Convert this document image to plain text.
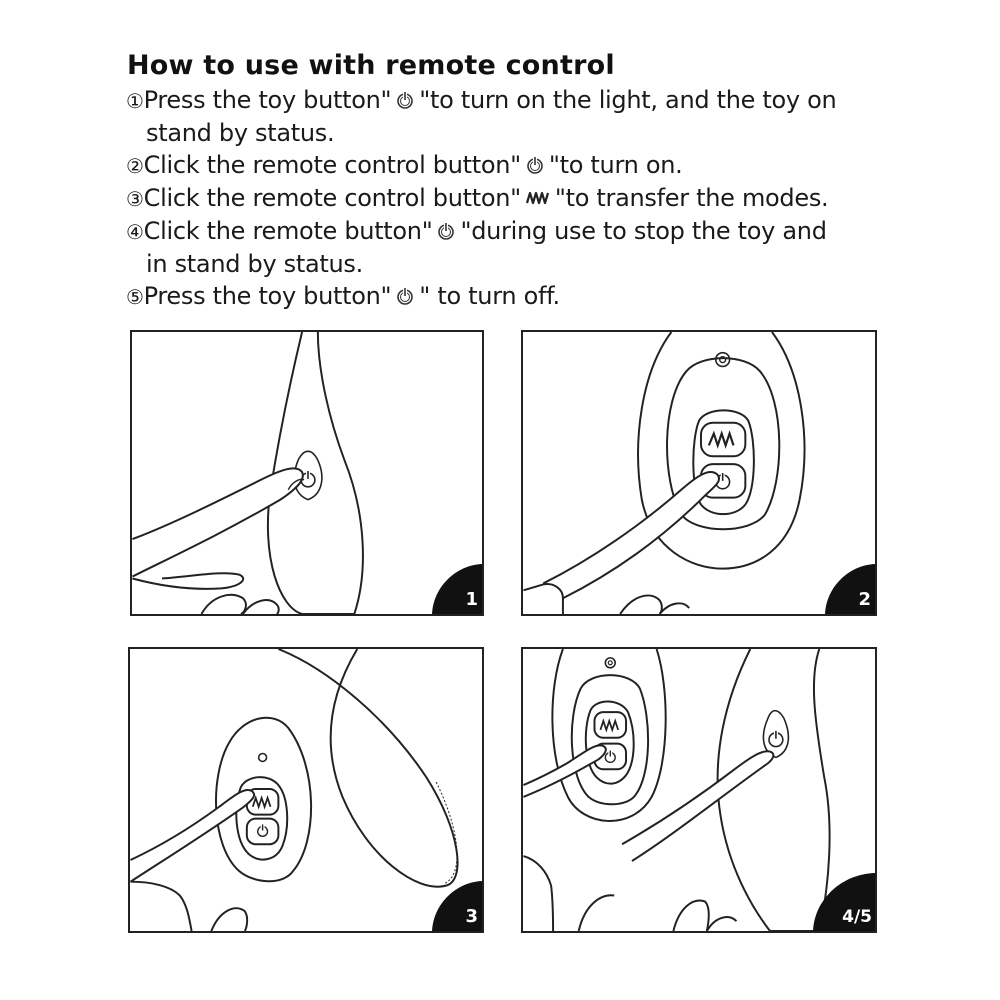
How to use with remote control
①Press the toy button" "to turn on the light, and the toy on
stand by status.
②Click the remote control button" "to turn on.
③Click the remote control button" "to transfer the modes.
④Click the remote button" "during use to stop the toy and
in stand by status.
⑤Press the toy button" " to turn off.
1	2
3	4/5
